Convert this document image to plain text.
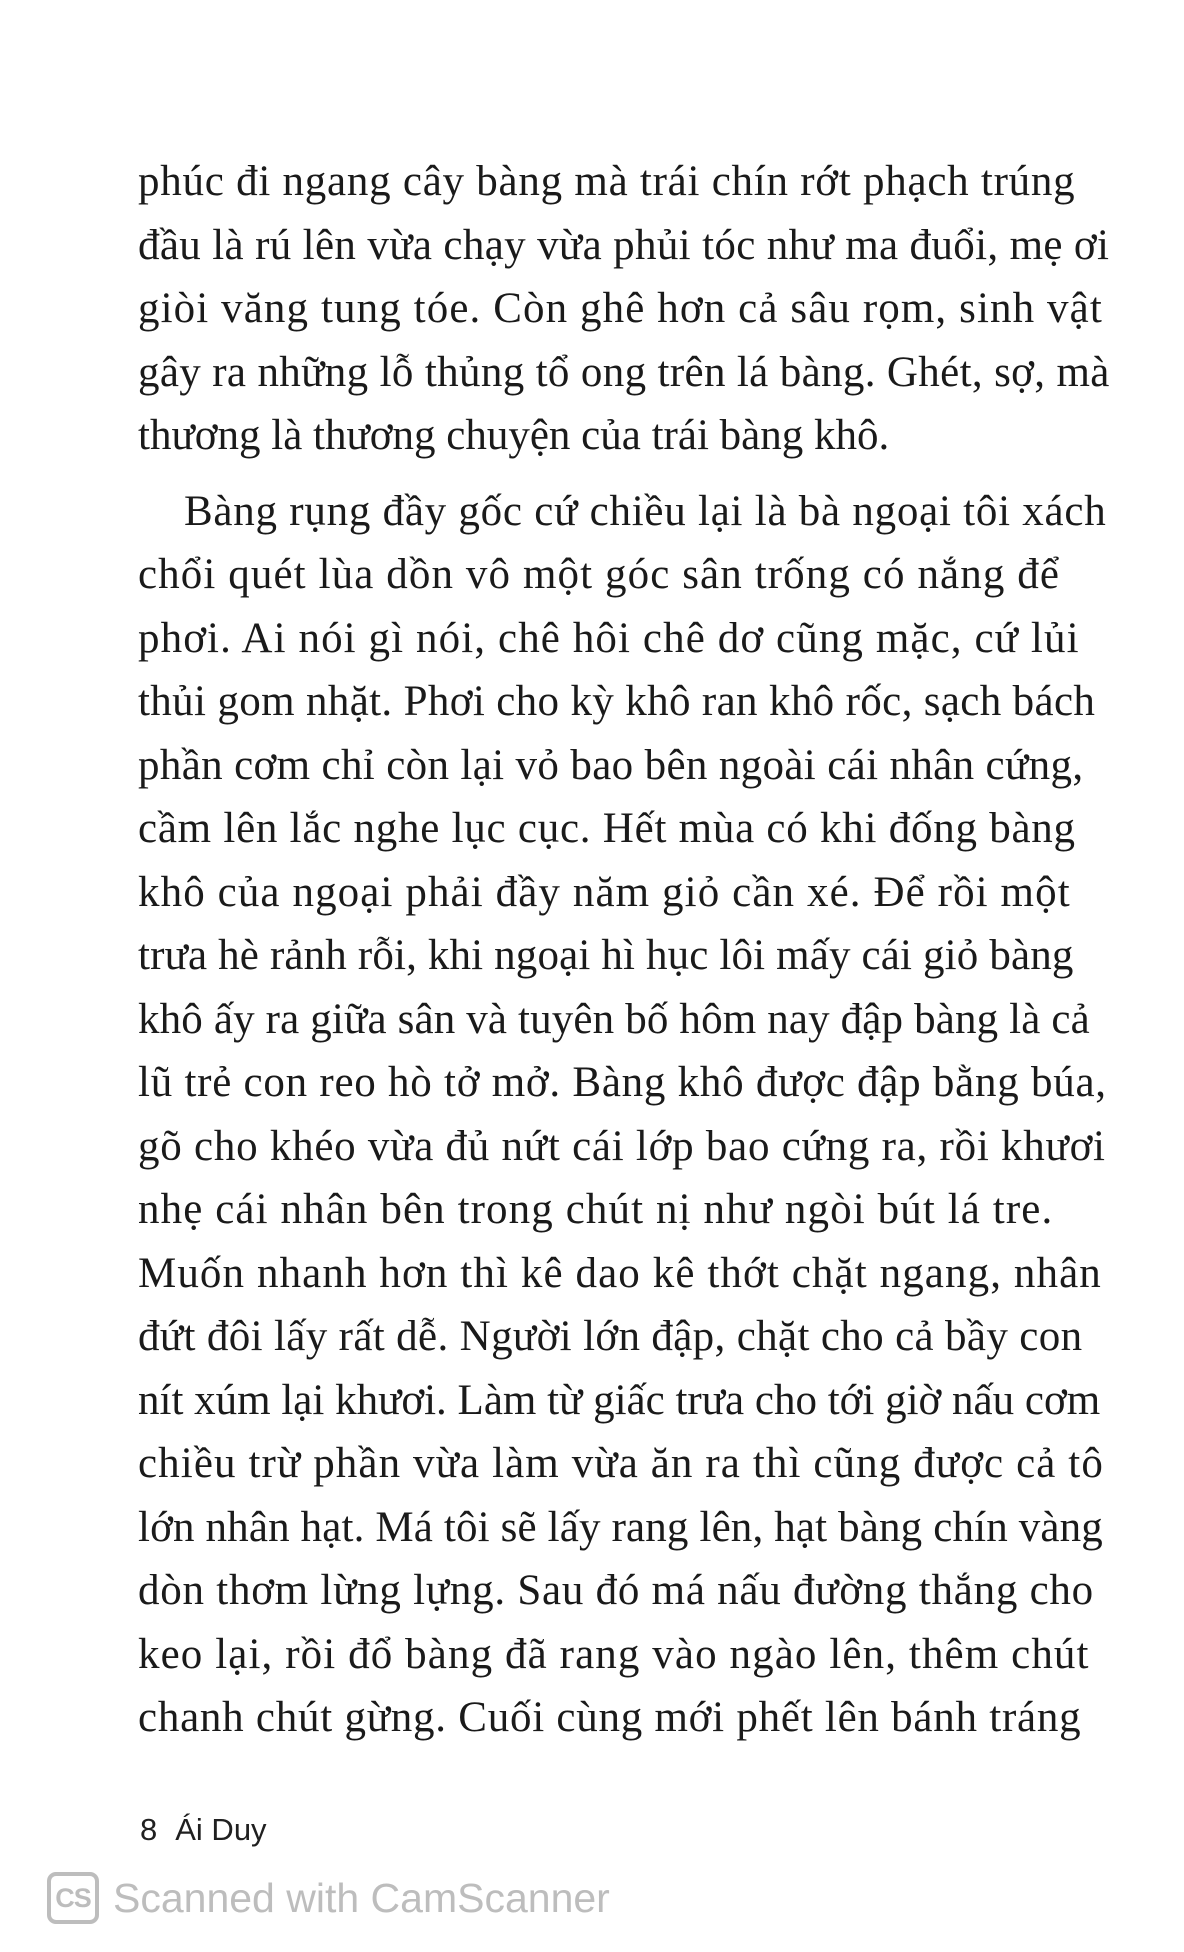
phúc đi ngang cây bàng mà trái chín rớt phạch trúng
đầu là rú lên vừa chạy vừa phủi tóc như ma đuổi, mẹ ơi
giòi văng tung tóe. Còn ghê hơn cả sâu rọm, sinh vật
gây ra những lỗ thủng tổ ong trên lá bàng. Ghét, sợ, mà
thương là thương chuyện của trái bàng khô.

Bàng rụng đầy gốc cứ chiều lại là bà ngoại tôi xách
chổi quét lùa dồn vô một góc sân trống có nắng để
phơi. Ai nói gì nói, chê hôi chê dơ cũng mặc, cứ lủi
thủi gom nhặt. Phơi cho kỳ khô ran khô rốc, sạch bách
phần cơm chỉ còn lại vỏ bao bên ngoài cái nhân cứng,
cầm lên lắc nghe lục cục. Hết mùa có khi đống bàng
khô của ngoại phải đầy năm giỏ cần xé. Để rồi một
trưa hè rảnh rỗi, khi ngoại hì hục lôi mấy cái giỏ bàng
khô ấy ra giữa sân và tuyên bố hôm nay đập bàng là cả
lũ trẻ con reo hò tở mở. Bàng khô được đập bằng búa,
gõ cho khéo vừa đủ nứt cái lớp bao cứng ra, rồi khươi
nhẹ cái nhân bên trong chút nị như ngòi bút lá tre.
Muốn nhanh hơn thì kê dao kê thớt chặt ngang, nhân
đứt đôi lấy rất dễ. Người lớn đập, chặt cho cả bầy con
nít xúm lại khươi. Làm từ giấc trưa cho tới giờ nấu cơm
chiều trừ phần vừa làm vừa ăn ra thì cũng được cả tô
lớn nhân hạt. Má tôi sẽ lấy rang lên, hạt bàng chín vàng
dòn thơm lừng lựng. Sau đó má nấu đường thắng cho
keo lại, rồi đổ bàng đã rang vào ngào lên, thêm chút
chanh chút gừng. Cuối cùng mới phết lên bánh tráng

8 Ái Duy
CS Scanned with CamScanner
